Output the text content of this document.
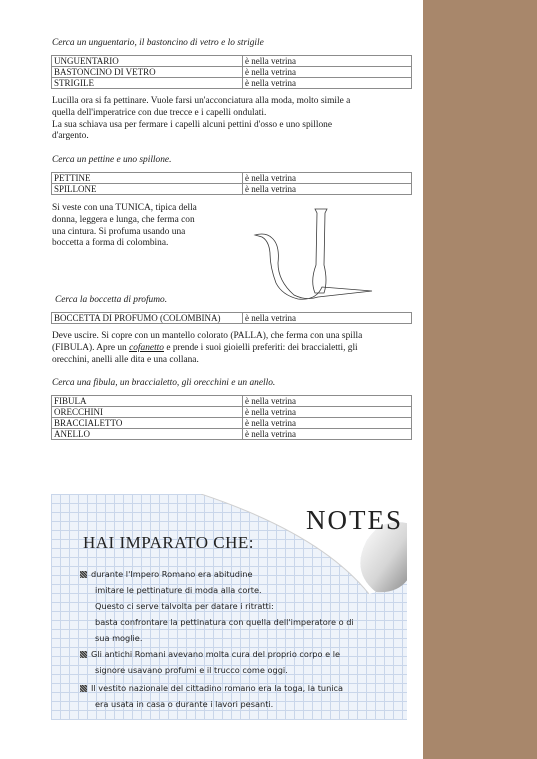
Cerca un unguentario, il bastoncino di vetro e lo strigile

UNGUENTARIO	è nella vetrina
BASTONCINO DI VETRO	è nella vetrina
STRIGILE	è nella vetrina
Lucilla ora si fa pettinare. Vuole farsi un'acconciatura alla moda, molto simile a
quella dell'imperatrice con due trecce e i capelli ondulati.
La sua schiava usa per fermare i capelli alcuni pettini d'osso e uno spillone
d'argento.

Cerca un pettine e uno spillone.

PETTINE	è nella vetrina
SPILLONE	è nella vetrina
Si veste con una TUNICA, tipica della
donna, leggera e lunga, che ferma con
una cintura. Si profuma usando una
boccetta a forma di colombina.

Cerca la boccetta di profumo.

BOCCETTA DI PROFUMO (COLOMBINA)	è nella vetrina
Deve uscire. Si copre con un mantello colorato (PALLA), che ferma con una spilla
(FIBULA). Apre un cofanetto e prende i suoi gioielli preferiti: dei braccialetti, gli
orecchini, anelli alle dita e una collana.

Cerca una fibula, un braccialetto, gli orecchini e un anello.

FIBULA	è nella vetrina
ORECCHINI	è nella vetrina
BRACCIALETTO	è nella vetrina
ANELLO	è nella vetrina

NOTES

HAI IMPARATO CHE:

durante l'Impero Romano era abitudine
imitare le pettinature di moda alla corte.
Questo ci serve talvolta per datare i ritratti:
basta confrontare la pettinatura con quella dell'imperatore o di
sua moglie.
Gli antichi Romani avevano molta cura del proprio corpo e le
signore usavano profumi e il trucco come oggi.
Il vestito nazionale del cittadino romano era la toga, la tunica
era usata in casa o durante i lavori pesanti.
